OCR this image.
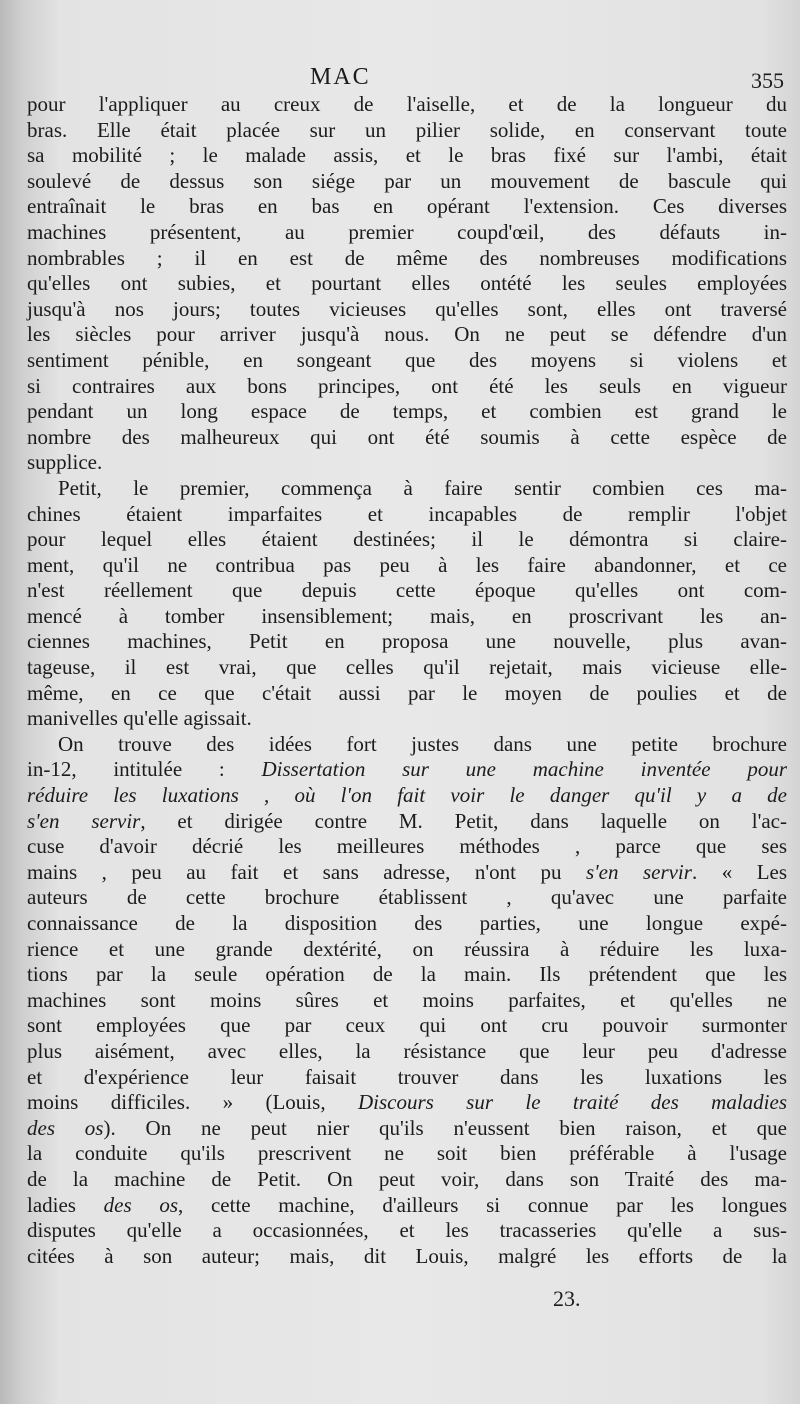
MAC	355
pour l'appliquer au creux de l'aiselle, et de la longueur du
bras. Elle était placée sur un pilier solide, en conservant toute
sa mobilité ; le malade assis, et le bras fixé sur l'ambi, était
soulevé de dessus son siége par un mouvement de bascule qui
entraînait le bras en bas en opérant l'extension. Ces diverses
machines présentent, au premier coupd'œil, des défauts in-
nombrables ; il en est de même des nombreuses modifications
qu'elles ont subies, et pourtant elles ontété les seules employées
jusqu'à nos jours; toutes vicieuses qu'elles sont, elles ont traversé
les siècles pour arriver jusqu'à nous. On ne peut se défendre d'un
sentiment pénible, en songeant que des moyens si violens et
si contraires aux bons principes, ont été les seuls en vigueur
pendant un long espace de temps, et combien est grand le
nombre des malheureux qui ont été soumis à cette espèce de
supplice.
Petit, le premier, commença à faire sentir combien ces ma-
chines étaient imparfaites et incapables de remplir l'objet
pour lequel elles étaient destinées; il le démontra si claire-
ment, qu'il ne contribua pas peu à les faire abandonner, et ce
n'est réellement que depuis cette époque qu'elles ont com-
mencé à tomber insensiblement; mais, en proscrivant les an-
ciennes machines, Petit en proposa une nouvelle, plus avan-
tageuse, il est vrai, que celles qu'il rejetait, mais vicieuse elle-
même, en ce que c'était aussi par le moyen de poulies et de
manivelles qu'elle agissait.
On trouve des idées fort justes dans une petite brochure
in-12, intitulée : Dissertation sur une machine inventée pour
réduire les luxations , où l'on fait voir le danger qu'il y a de
s'en servir, et dirigée contre M. Petit, dans laquelle on l'ac-
cuse d'avoir décrié les meilleures méthodes , parce que ses
mains , peu au fait et sans adresse, n'ont pu s'en servir. « Les
auteurs de cette brochure établissent , qu'avec une parfaite
connaissance de la disposition des parties, une longue expé-
rience et une grande dextérité, on réussira à réduire les luxa-
tions par la seule opération de la main. Ils prétendent que les
machines sont moins sûres et moins parfaites, et qu'elles ne
sont employées que par ceux qui ont cru pouvoir surmonter
plus aisément, avec elles, la résistance que leur peu d'adresse
et d'expérience leur faisait trouver dans les luxations les
moins difficiles. » (Louis, Discours sur le traité des maladies
des os). On ne peut nier qu'ils n'eussent bien raison, et que
la conduite qu'ils prescrivent ne soit bien préférable à l'usage
de la machine de Petit. On peut voir, dans son Traité des ma-
ladies des os, cette machine, d'ailleurs si connue par les longues
disputes qu'elle a occasionnées, et les tracasseries qu'elle a sus-
citées à son auteur; mais, dit Louis, malgré les efforts de la
23.
